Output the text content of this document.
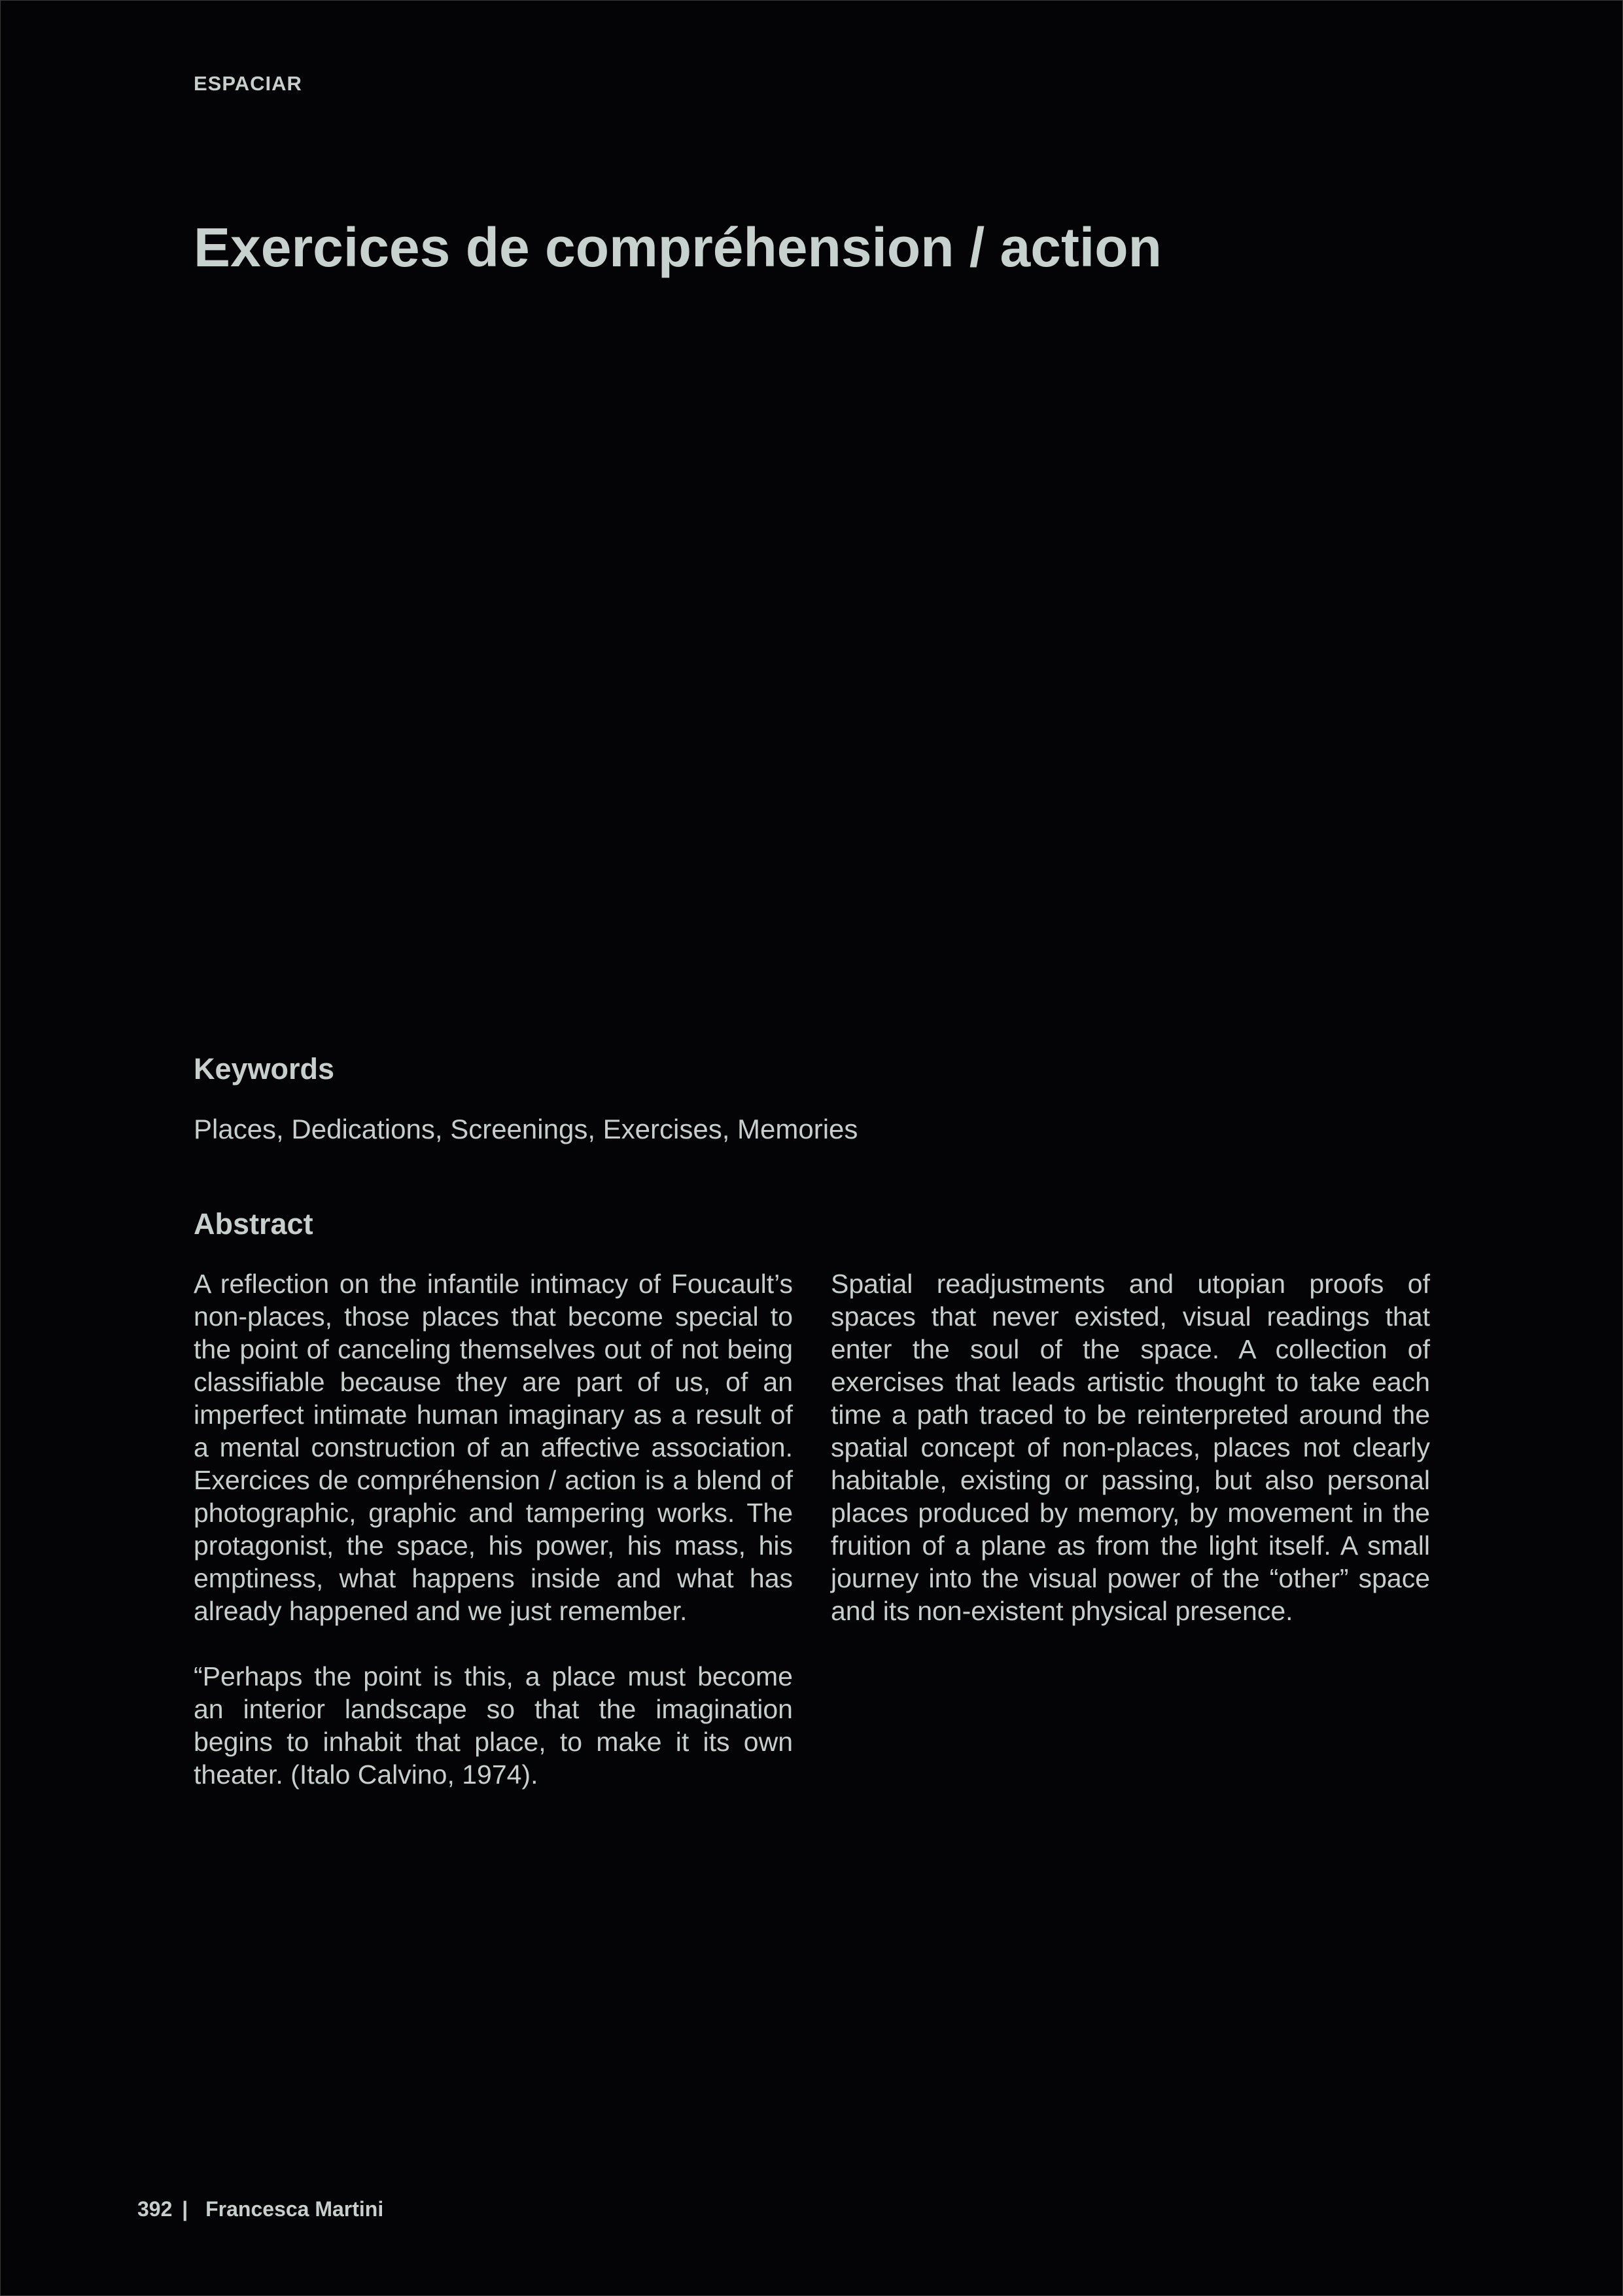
ESPACIAR
Exercices de compréhension / action
Keywords
Places, Dedications, Screenings, Exercises, Memories
Abstract

A reflection on the infantile intimacy of Foucault’s non-places, those places that become special to the point of canceling themselves out of not being classifiable because they are part of us, of an imperfect intimate human imaginary as a result of a mental construction of an affective association. Exercices de compréhension / action is a blend of photographic, graphic and tampering works. The protagonist, the space, his power, his mass, his emptiness, what happens inside and what has already happened and we just remember.

“Perhaps the point is this, a place must become an interior landscape so that the imagination begins to inhabit that place, to make it its own theater. (Italo Calvino, 1974).

Spatial readjustments and utopian proofs of spaces that never existed, visual readings that enter the soul of the space. A collection of exercises that leads artistic thought to take each time a path traced to be reinterpreted around the spatial concept of non-places, places not clearly habitable, existing or passing, but also personal places produced by memory, by movement in the fruition of a plane as from the light itself. A small journey into the visual power of the “other” space and its non-existent physical presence.

392 | Francesca Martini
